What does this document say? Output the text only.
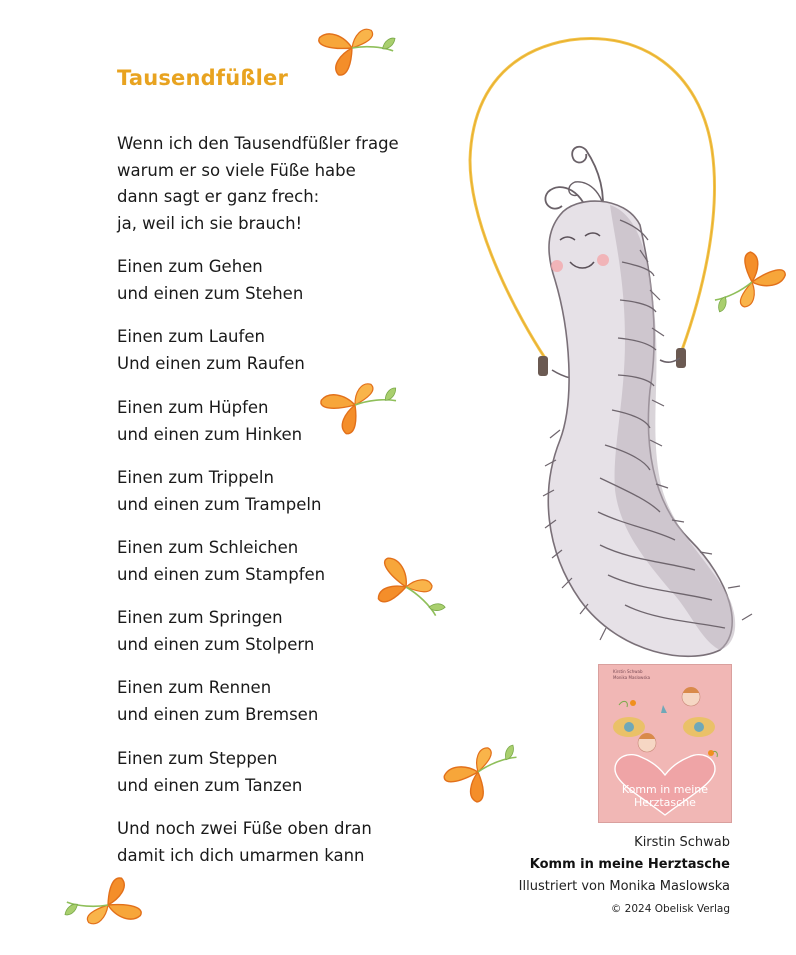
Tausendfüßler
Wenn ich den Tausendfüßler frage
warum er so viele Füße habe
dann sagt er ganz frech:
ja, weil ich sie brauch!
Einen zum Gehen
und einen zum Stehen
Einen zum Laufen
Und einen zum Raufen
Einen zum Hüpfen
und einen zum Hinken
Einen zum Trippeln
und einen zum Trampeln
Einen zum Schleichen
und einen zum Stampfen
Einen zum Springen
und einen zum Stolpern
Einen zum Rennen
und einen zum Bremsen
Einen zum Steppen
und einen zum Tanzen
Und noch zwei Füße oben dran
damit ich dich umarmen kann
Kirstin Schwab
Monika Maslowska
Komm in meine
Herztasche
Kirstin Schwab
Komm in meine Herztasche
Illustriert von Monika Maslowska
© 2024 Obelisk Verlag
